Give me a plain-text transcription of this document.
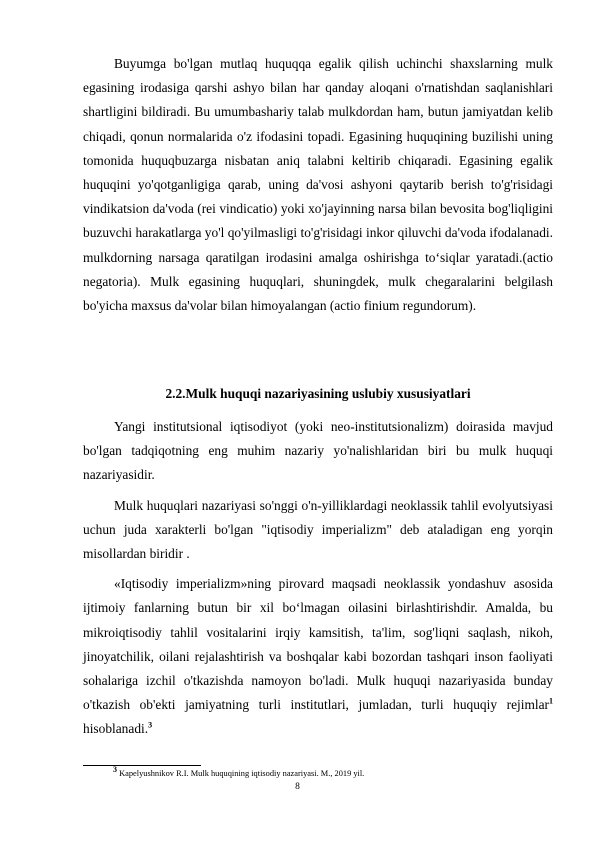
Buyumga bo'lgan mutlaq huquqqa egalik qilish uchinchi shaxslarning mulk egasining irodasiga qarshi ashyo bilan har qanday aloqani o'rnatishdan saqlanishlari shartligini bildiradi. Bu umumbashariy talab mulkdordan ham, butun jamiyatdan kelib chiqadi, qonun normalarida o'z ifodasini topadi. Egasining huquqining buzilishi uning tomonida huquqbuzarga nisbatan aniq talabni keltirib chiqaradi. Egasining egalik huquqini yo'qotganligiga qarab, uning da'vosi ashyoni qaytarib berish to'g'risidagi vindikatsion da'voda (rei vindicatio) yoki xo'jayinning narsa bilan bevosita bog'liqligini buzuvchi harakatlarga yo'l qo'yilmasligi to'g'risidagi inkor qiluvchi da'voda ifodalanadi. mulkdorning narsaga qaratilgan irodasini amalga oshirishga to‘siqlar yaratadi.(actio negatoria). Mulk egasining huquqlari, shuningdek, mulk chegaralarini belgilash bo'yicha maxsus da'volar bilan himoyalangan (actio finium regundorum).

2.2.Mulk huquqi nazariyasining uslubiy xususiyatlari

Yangi institutsional iqtisodiyot (yoki neo-institutsionalizm) doirasida mavjud bo'lgan tadqiqotning eng muhim nazariy yo'nalishlaridan biri bu mulk huquqi nazariyasidir.

Mulk huquqlari nazariyasi so'nggi o'n-yilliklardagi neoklassik tahlil evolyutsiyasi uchun juda xarakterli bo'lgan "iqtisodiy imperializm" deb ataladigan eng yorqin misollardan biridir .

«Iqtisodiy imperializm»ning pirovard maqsadi neoklassik yondashuv asosida ijtimoiy fanlarning butun bir xil bo‘lmagan oilasini birlashtirishdir. Amalda, bu mikroiqtisodiy tahlil vositalarini irqiy kamsitish, ta'lim, sog'liqni saqlash, nikoh, jinoyatchilik, oilani rejalashtirish va boshqalar kabi bozordan tashqari inson faoliyati sohalariga izchil o'tkazishda namoyon bo'ladi. Mulk huquqi nazariyasida bunday o'tkazish ob'ekti jamiyatning turli institutlari, jumladan, turli huquqiy rejimlar$^1$ hisoblanadi.$^3$

3 Kapelyushnikov R.I. Mulk huquqining iqtisodiy nazariyasi. M., 2019 yil.
8
